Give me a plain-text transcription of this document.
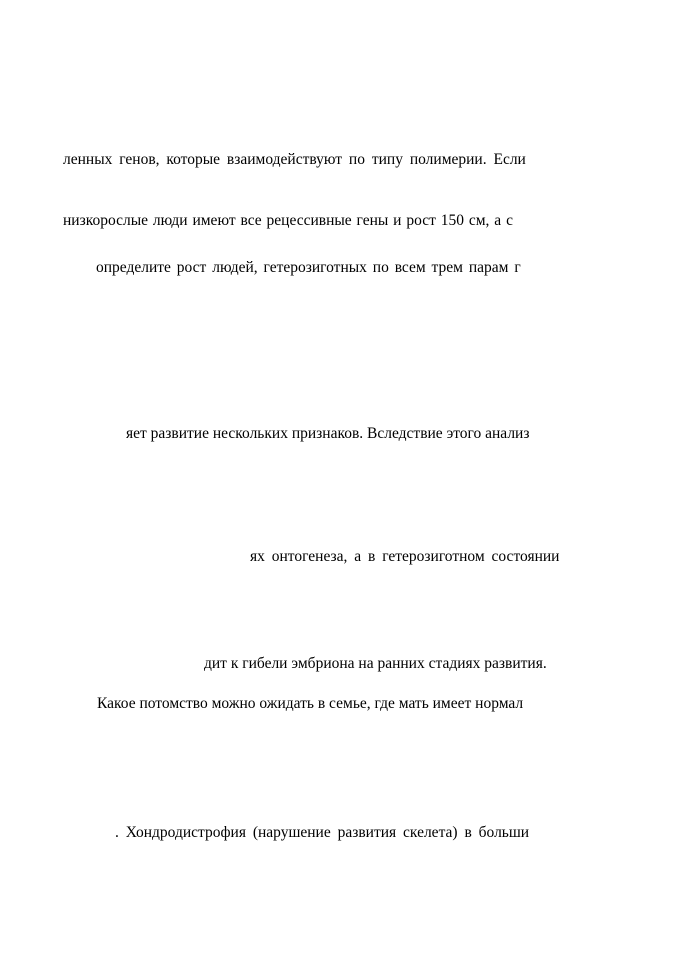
ленных генов, которые взаимодействуют по типу полимерии. Если
низкорослые люди имеют все рецессивные гены и рост 150 см, а с
определите рост людей, гетерозиготных по всем трем парам г
яет развитие нескольких признаков. Вследствие этого анализ
ях онтогенеза, а в гетерозиготном состоянии
дит к гибели эмбриона на ранних стадиях развития.
Какое потомство можно ожидать в семье, где мать имеет нормал
. Хондродистрофия (нарушение развития скелета) в больши
